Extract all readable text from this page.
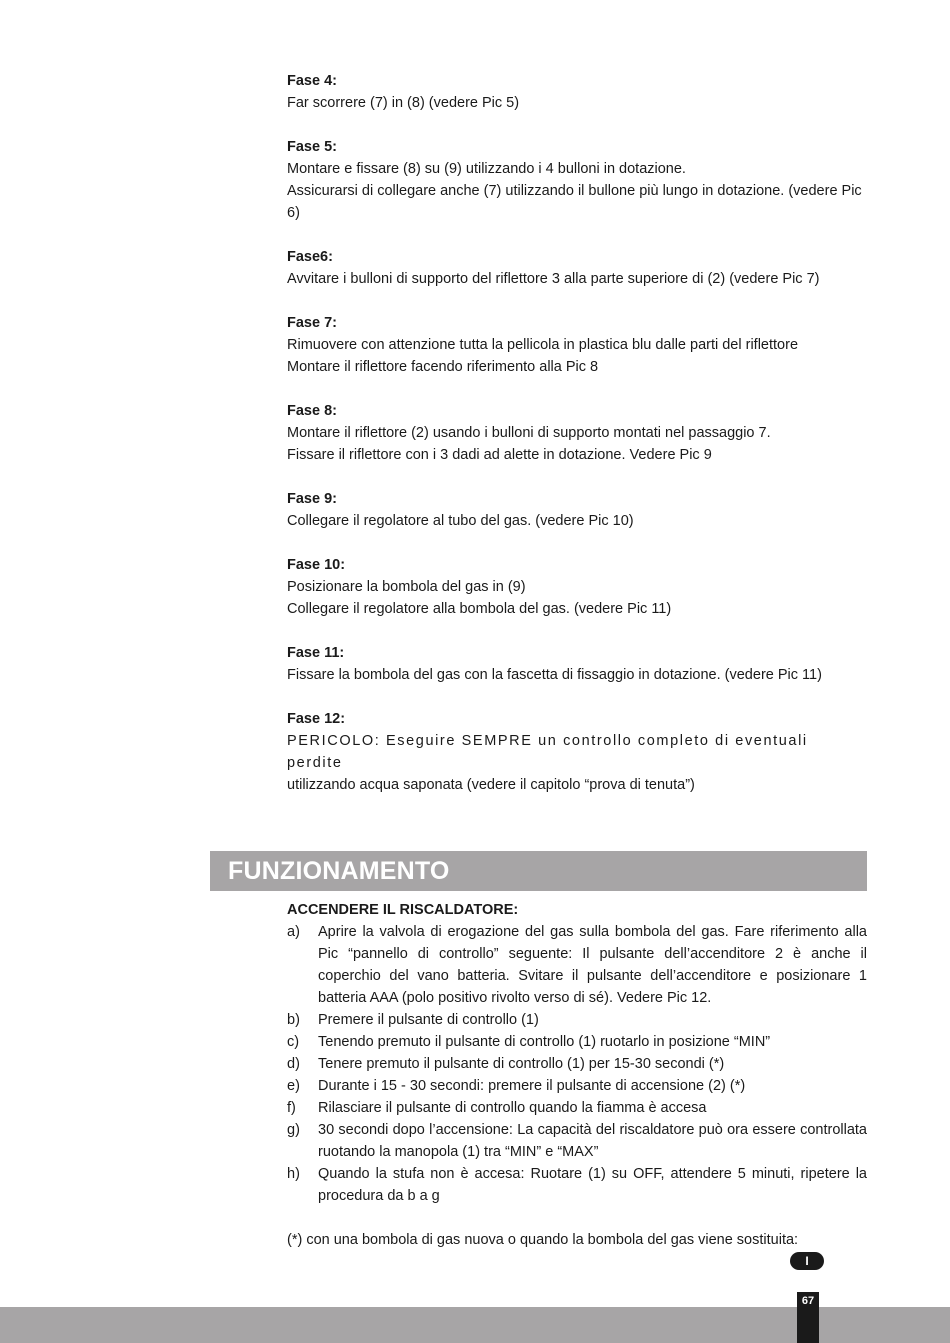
Fase 4:
Far scorrere (7) in (8) (vedere Pic 5)
Fase 5:
Montare e fissare (8) su (9) utilizzando i 4 bulloni in dotazione.
Assicurarsi di collegare anche (7) utilizzando il bullone più lungo in dotazione. (vedere Pic 6)
Fase6:
Avvitare i bulloni di supporto del riflettore 3 alla parte superiore di (2) (vedere Pic 7)
Fase 7:
Rimuovere con attenzione tutta la pellicola in plastica blu dalle parti del riflettore
Montare il riflettore facendo riferimento alla Pic 8
Fase 8:
Montare il riflettore (2) usando i bulloni di supporto montati nel passaggio 7.
Fissare il riflettore con i 3 dadi ad alette in dotazione. Vedere Pic 9
Fase 9:
Collegare il regolatore al tubo del gas. (vedere Pic 10)
Fase 10:
Posizionare la bombola del gas in (9)
Collegare il regolatore alla bombola del gas. (vedere Pic 11)
Fase 11:
Fissare la bombola del gas con la fascetta di fissaggio in dotazione. (vedere Pic 11)
Fase 12:
PERICOLO: Eseguire SEMPRE un controllo completo di eventuali perdite
utilizzando acqua saponata (vedere il capitolo “prova di tenuta”)
FUNZIONAMENTO
ACCENDERE IL RISCALDATORE:
a) Aprire la valvola di erogazione del gas sulla bombola del gas. Fare riferimento alla Pic “pannello di controllo” seguente: Il pulsante dell’accenditore 2 è anche il coperchio del vano batteria. Svitare il pulsante dell’accenditore e posizionare 1 batteria AAA (polo positivo rivolto verso di sé). Vedere Pic 12.
b) Premere il pulsante di controllo (1)
c) Tenendo premuto il pulsante di controllo (1) ruotarlo in posizione “MIN”
d) Tenere premuto il pulsante di controllo (1) per 15-30 secondi (*)
e) Durante i 15 - 30 secondi: premere il pulsante di accensione (2) (*)
f) Rilasciare il pulsante di controllo quando la fiamma è accesa
g) 30 secondi dopo l’accensione: La capacità del riscaldatore può ora essere controllata ruotando la manopola (1) tra “MIN” e “MAX”
h) Quando la stufa non è accesa: Ruotare (1) su OFF, attendere 5 minuti, ripetere la procedura da b a g
(*) con una bombola di gas nuova o quando la bombola del gas viene sostituita:
I
67
